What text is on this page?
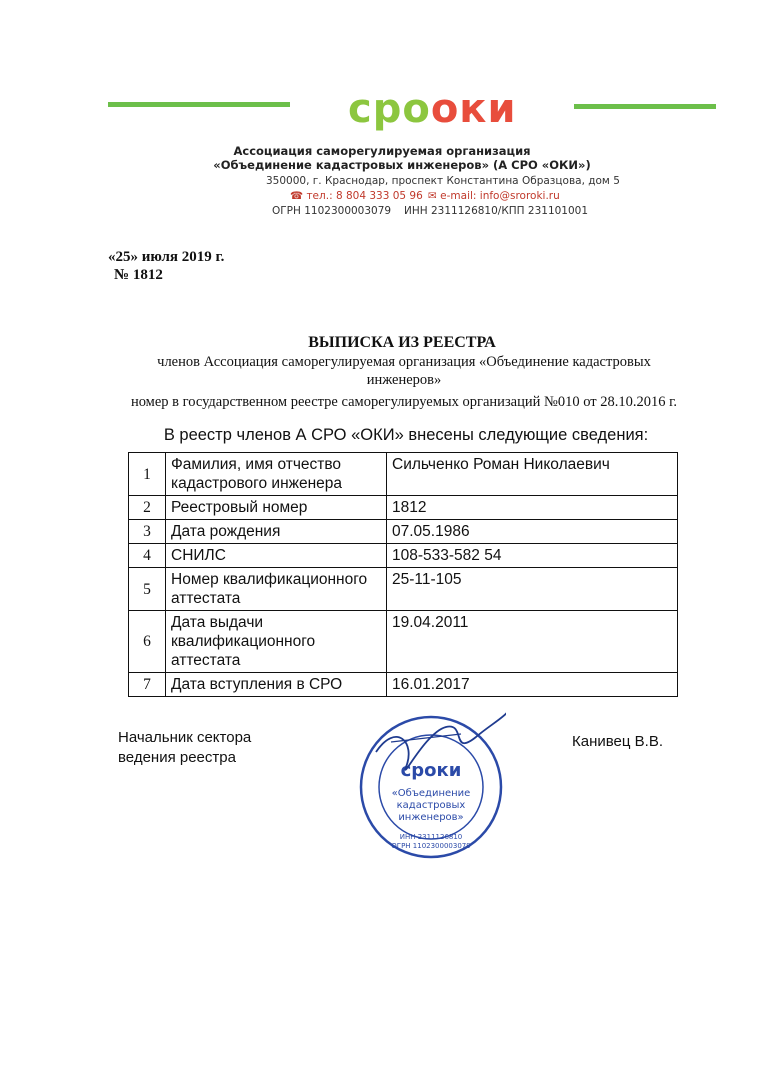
срооки
Ассоциация саморегулируемая организация
«Объединение кадастровых инженеров» (А СРО «ОКИ»)
350000, г. Краснодар, проспект Константина Образцова, дом 5
☎ тел.: 8 804 333 05 96 ✉ e-mail: info@sroroki.ru
ОГРН 1102300003079 ИНН 2311126810/КПП 231101001
«25» июля 2019 г.
№ 1812
ВЫПИСКА ИЗ РЕЕСТРА
членов Ассоциация саморегулируемая организация «Объединение кадастровых
инженеров»
номер в государственном реестре саморегулируемых организаций №010 от 28.10.2016 г.
В реестр членов А СРО «ОКИ» внесены следующие сведения:
1	Фамилия, имя отчество кадастрового инженера	Сильченко Роман Николаевич
2	Реестровый номер	1812
3	Дата рождения	07.05.1986
4	СНИЛС	108-533-582 54
5	Номер квалификационного аттестата	25-11-105
6	Дата выдачи квалификационного аттестата	19.04.2011
7	Дата вступления в СРО	16.01.2017
Начальник сектора
ведения реестра
Канивец В.В.
сроки
«Объединение
кадастровых
инженеров»
ИНН 2311126810
ОГРН 1102300003079
